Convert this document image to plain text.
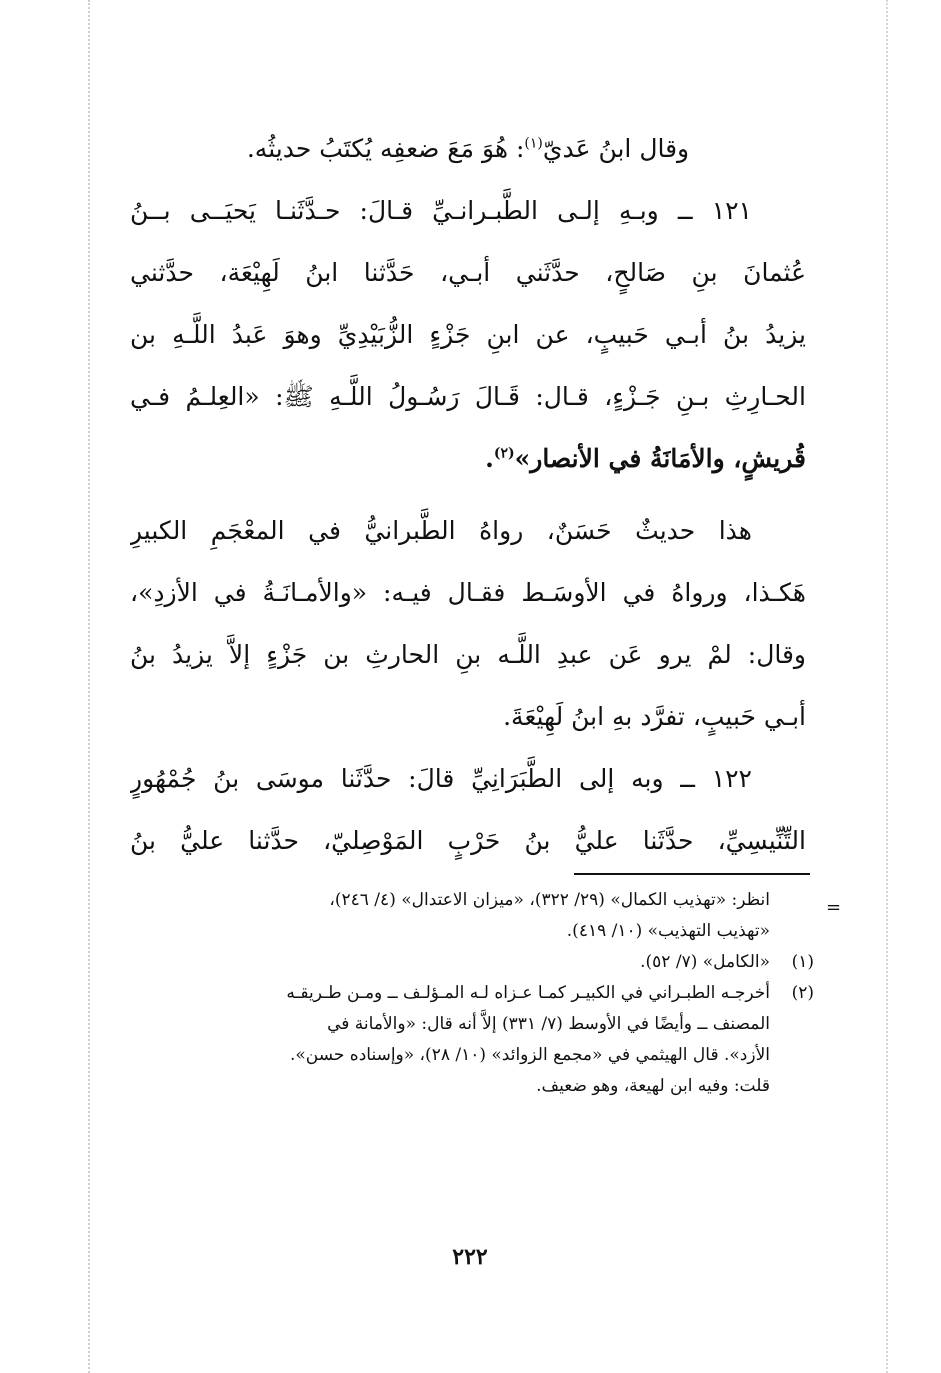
وقال ابنُ عَديّ$^{(١)}$: هُوَ مَعَ ضعفِه يُكتَبُ حديثُه.
١٢١ ــ وبـهِ إلـى الطَّبـرانـيِّ قـالَ: حـدَّثَنـا يَحيَــى بــنُ
عُثمانَ بنِ صَالحٍ، حدَّثَني أبـي، حَدَّثنا ابنُ لَهِيْعَة، حدَّثني
يزيدُ بنُ أبـي حَبيبٍ، عن ابنِ جَزْءٍ الزُّبَيْدِيِّ وهوَ عَبدُ اللَّـهِ بن
الحـارِثِ بـنِ جَـزْءٍ، قـال: قَـالَ رَسُـولُ اللَّـهِ ﷺ: «العِلـمُ فـي
قُريشٍ، والأمَانَةُ في الأنصار»$^{(٢)}$.
هذا حديثٌ حَسَنٌ، رواهُ الطَّبرانيُّ في المعْجَمِ الكبيرِ
هَكـذا، ورواهُ في الأوسَـط فقـال فيـه: «والأمـانَـةُ في الأزدِ»،
وقال: لمْ يرو عَن عبدِ اللَّـه بنِ الحارثِ بن جَزْءٍ إلاَّ يزيدُ بنُ
أبـي حَبيبٍ، تفرَّد بهِ ابنُ لَهِيْعَةَ.
١٢٢ ــ وبه إلى الطَّبَرَانِيِّ قالَ: حدَّثَنا موسَى بنُ جُمْهُورٍ
التِّنِّيسِيِّ، حدَّثَنا عليُّ بنُ حَرْبٍ المَوْصِليّ، حدَّثنا عليُّ بنُ
=
انظر: «تهذيب الكمال» (٢٩/ ٣٢٢)، «ميزان الاعتدال» (٤/ ٢٤٦)،
«تهذيب التهذيب» (١٠/ ٤١٩).
(١)«الكامل» (٧/ ٥٢).
(٢)أخرجـه الطبـراني في الكبيـر كمـا عـزاه لـه المـؤلـف ــ ومـن طـريقـه
المصنف ــ وأيضًا في الأوسط (٧/ ٣٣١) إلاَّ أنه قال: «والأمانة في
الأزد». قال الهيثمي في «مجمع الزوائد» (١٠/ ٢٨)، «وإسناده حسن».
قلت: وفيه ابن لهيعة، وهو ضعيف.
٢٢٢
